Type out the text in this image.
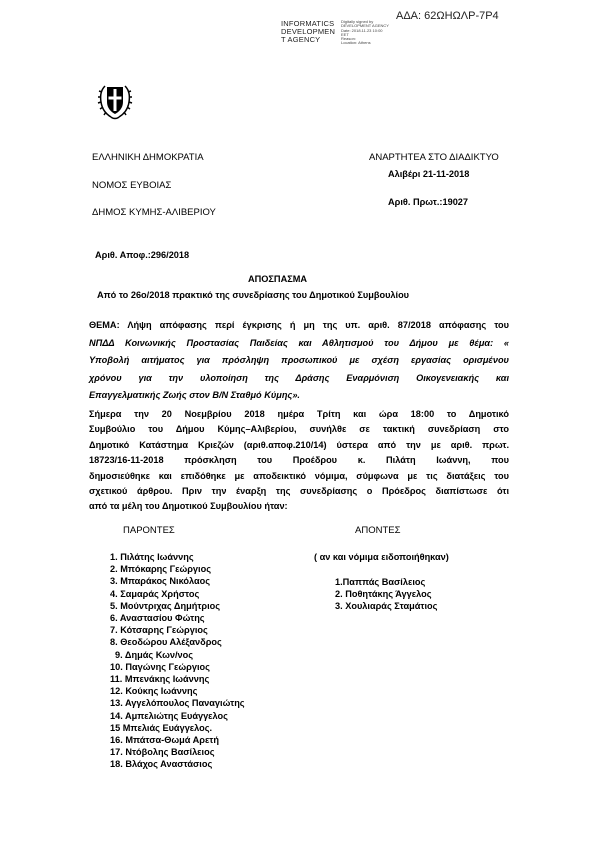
ΑΔΑ: 62ΩΗΩΛΡ-7Ρ4
INFORMATICS
DEVELOPMEN
T AGENCY
Digitally signed by
DEVELOPMENT AGENCY
Date: 2018.11.23 10:00
EET
Reason:
Location: Athens
ΕΛΛΗΝΙΚΗ ΔΗΜΟΚΡΑΤΙΑ
ΝΟΜΟΣ ΕΥΒΟΙΑΣ
ΔΗΜΟΣ ΚΥΜΗΣ-ΑΛΙΒΕΡΙΟΥ
ΑΝΑΡΤΗΤΕΑ ΣΤΟ ΔΙΑΔΙΚΤΥΟ
Αλιβέρι 21-11-2018
Αριθ. Πρωτ.:19027
Αριθ. Αποφ.:296/2018
ΑΠΟΣΠΑΣΜΑ
Από το 26ο/2018 πρακτικό της συνεδρίασης του Δημοτικού Συμβουλίου
ΘΕΜΑ: Λήψη απόφασης περί έγκρισης ή μη της υπ. αριθ. 87/2018 απόφασης του
ΝΠΔΔ Κοινωνικής Προστασίας Παιδείας και Αθλητισμού του Δήμου με θέμα: «
Υποβολή αιτήματος για πρόσληψη προσωπικού με σχέση εργασίας ορισμένου
χρόνου για την υλοποίηση της Δράσης Εναρμόνιση Οικογενειακής και
Επαγγελματικής Ζωής στον Β/Ν Σταθμό Κύμης».
Σήμερα την 20 Νοεμβρίου 2018 ημέρα Τρίτη και ώρα 18:00 το Δημοτικό
Συμβούλιο του Δήμου Κύμης–Αλιβερίου, συνήλθε σε τακτική συνεδρίαση στο
Δημοτικό Κατάστημα Κριεζών (αριθ.αποφ.210/14) ύστερα από την με αριθ. πρωτ.
18723/16-11-2018 πρόσκληση του Προέδρου κ. Πιλάτη Ιωάννη, που
δημοσιεύθηκε και επιδόθηκε με αποδεικτικό νόμιμα, σύμφωνα με τις διατάξεις του
σχετικού άρθρου. Πριν την έναρξη της συνεδρίασης ο Πρόεδρος διαπίστωσε ότι
από τα μέλη του Δημοτικού Συμβουλίου ήταν:
ΠΑΡΟΝΤΕΣ	ΑΠΟΝΤΕΣ
( αν και νόμιμα ειδοποιήθηκαν)
1. Πιλάτης Ιωάννης
2. Μπόκαρης Γεώργιος
3. Μπαράκος Νικόλαος
4. Σαμαράς Χρήστος
5. Μούντριχας Δημήτριος
6. Αναστασίου Φώτης
7. Κότσαρης Γεώργιος
8. Θεοδώρου Αλέξανδρος
9. Δημάς Κων/νος
10. Παγώνης Γεώργιος
11. Μπενάκης Ιωάννης
12. Κούκης Ιωάννης
13. Αγγελόπουλος Παναγιώτης
14. Αμπελιώτης Ευάγγελος
15 Μπελιάς Ευάγγελος.
16. Μπάτσα-Θωμά Αρετή
17. Ντόβολης Βασίλειος
18. Βλάχος Αναστάσιος
1.Παππάς Βασίλειος
2. Ποθητάκης Άγγελος
3. Χουλιαράς Σταμάτιος
